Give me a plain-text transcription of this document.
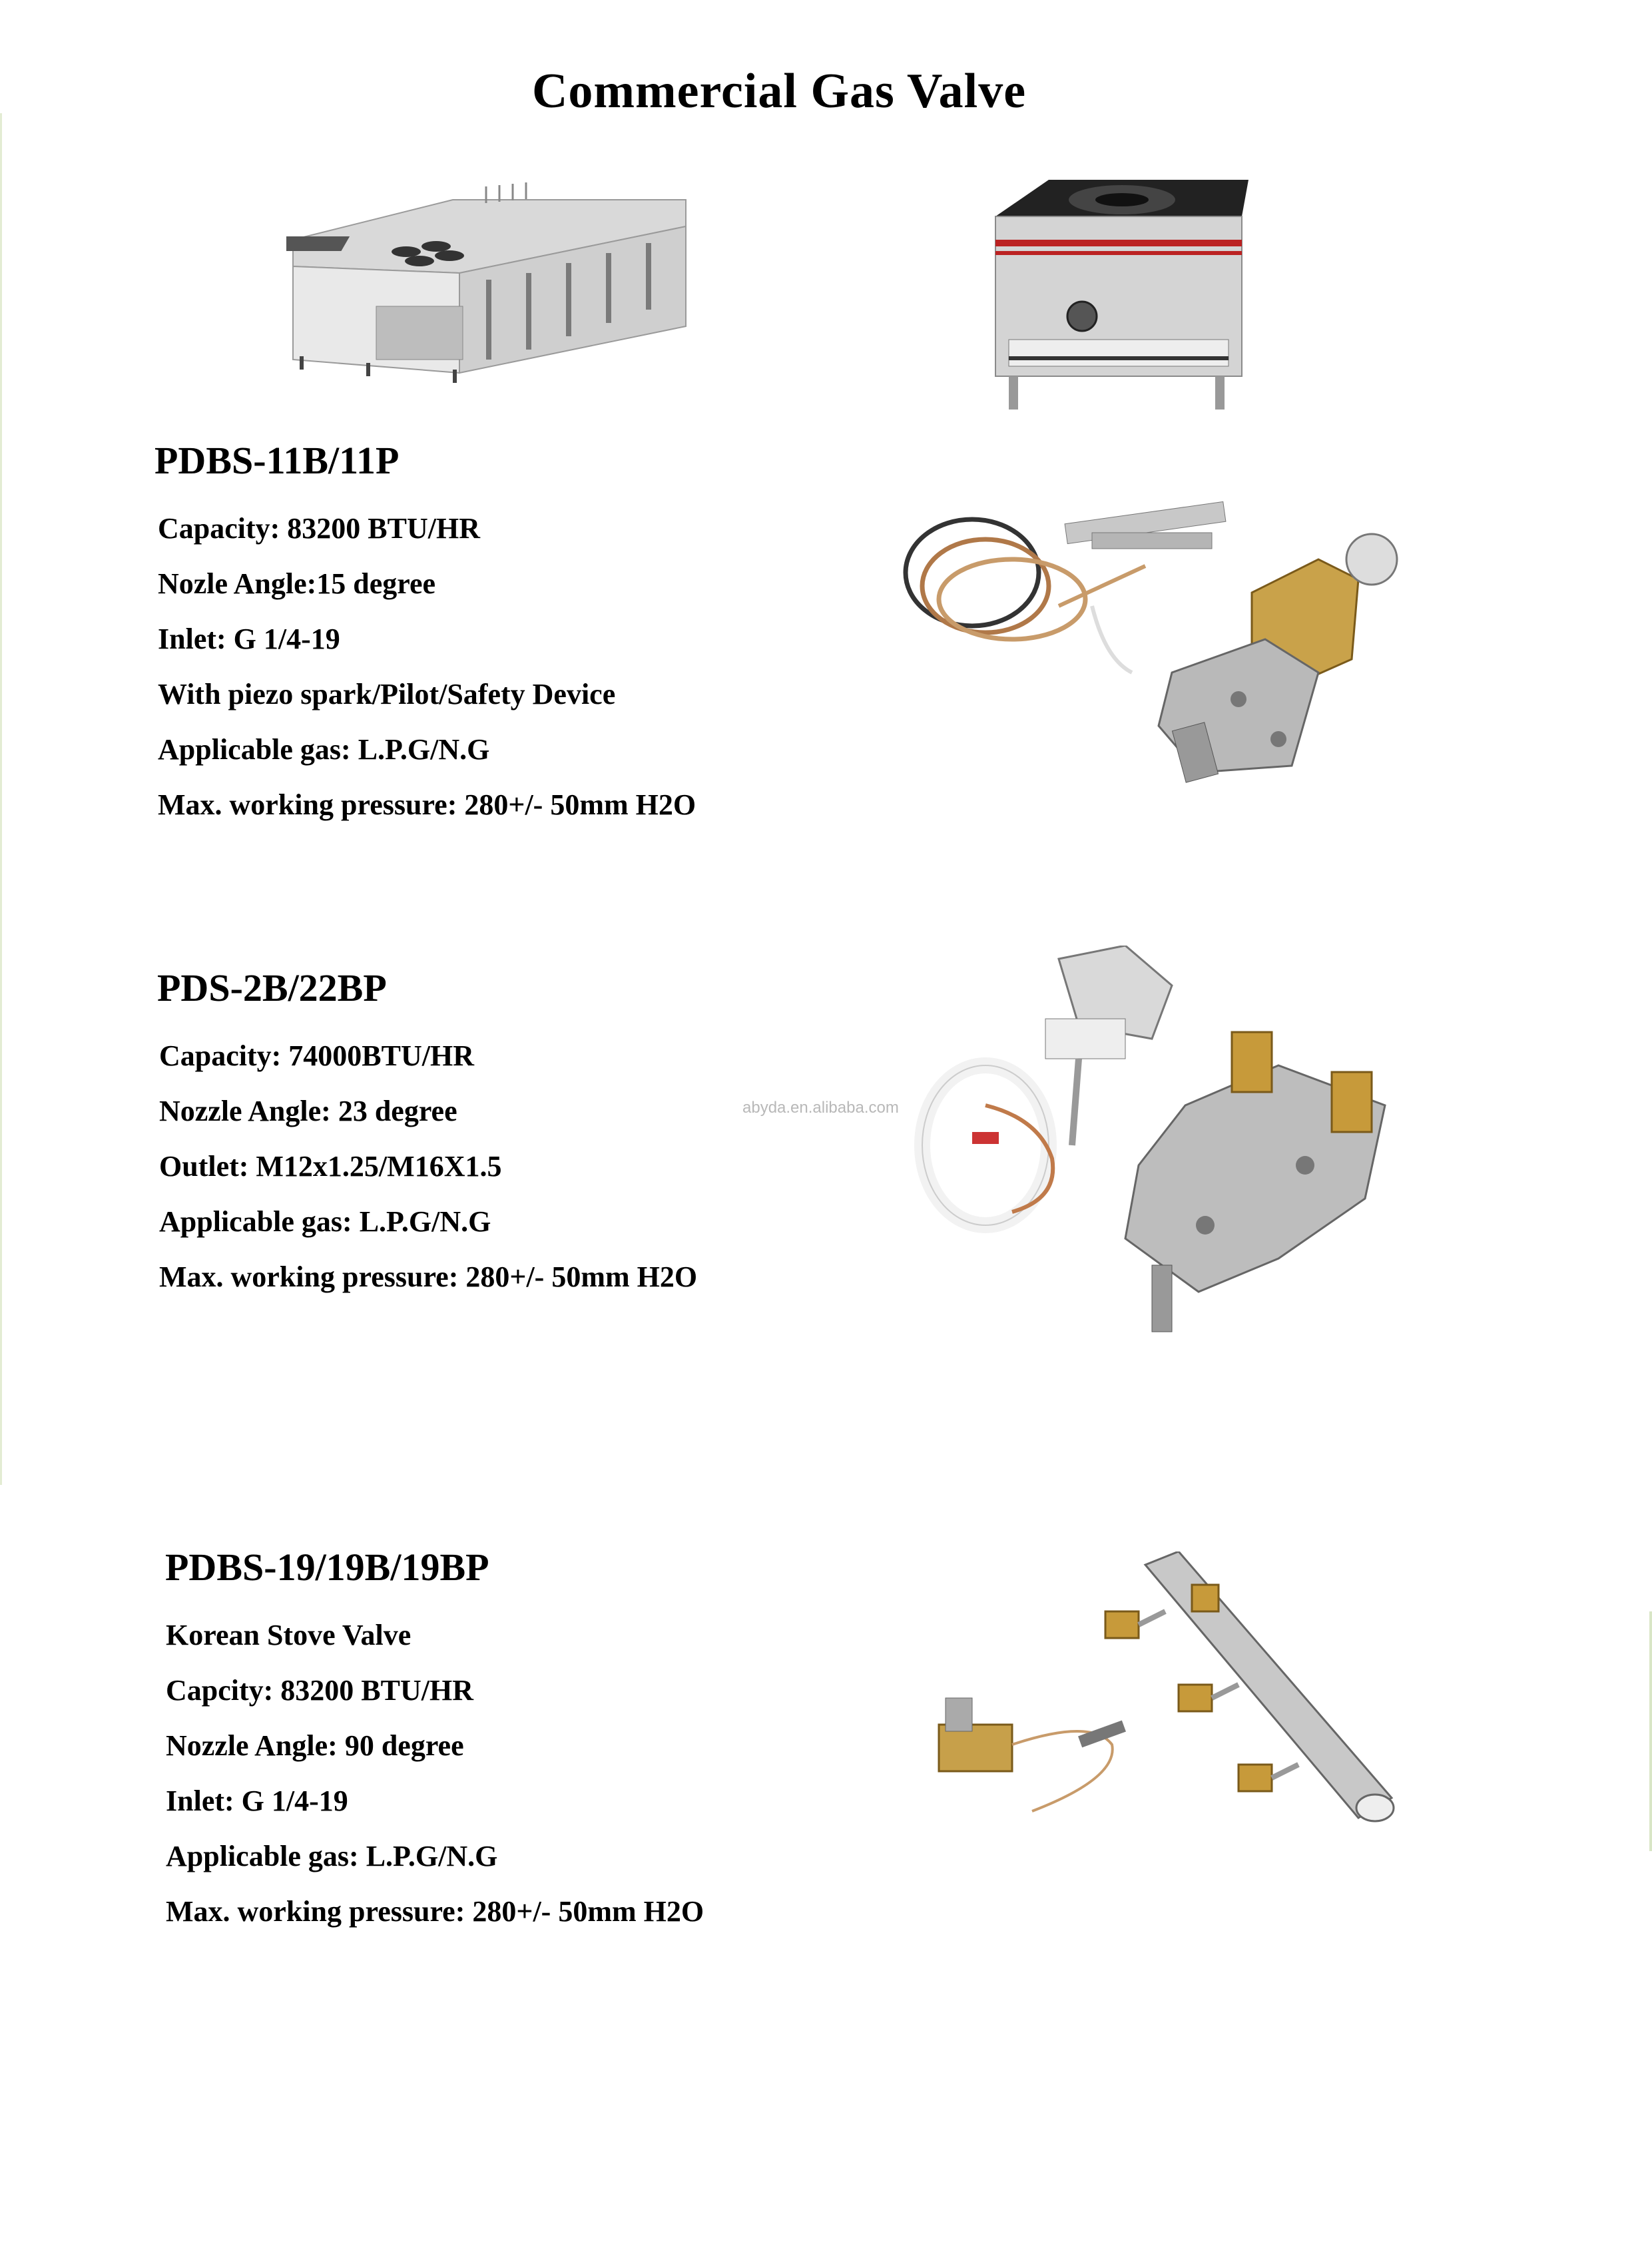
Commercial Gas Valve
PDBS-11B/11P
Capacity: 83200 BTU/HR
Nozle Angle:15 degree
Inlet: G 1/4-19
With piezo spark/Pilot/Safety Device
Applicable gas: L.P.G/N.G
Max. working pressure: 280+/- 50mm H2O
PDS-2B/22BP
Capacity: 74000BTU/HR
Nozzle Angle: 23 degree
Outlet: M12x1.25/M16X1.5
Applicable gas: L.P.G/N.G
Max. working pressure: 280+/- 50mm H2O
abyda.en.alibaba.com
PDBS-19/19B/19BP
Korean Stove Valve
Capcity: 83200 BTU/HR
Nozzle Angle: 90 degree
Inlet: G 1/4-19
Applicable gas: L.P.G/N.G
Max. working pressure: 280+/- 50mm H2O
